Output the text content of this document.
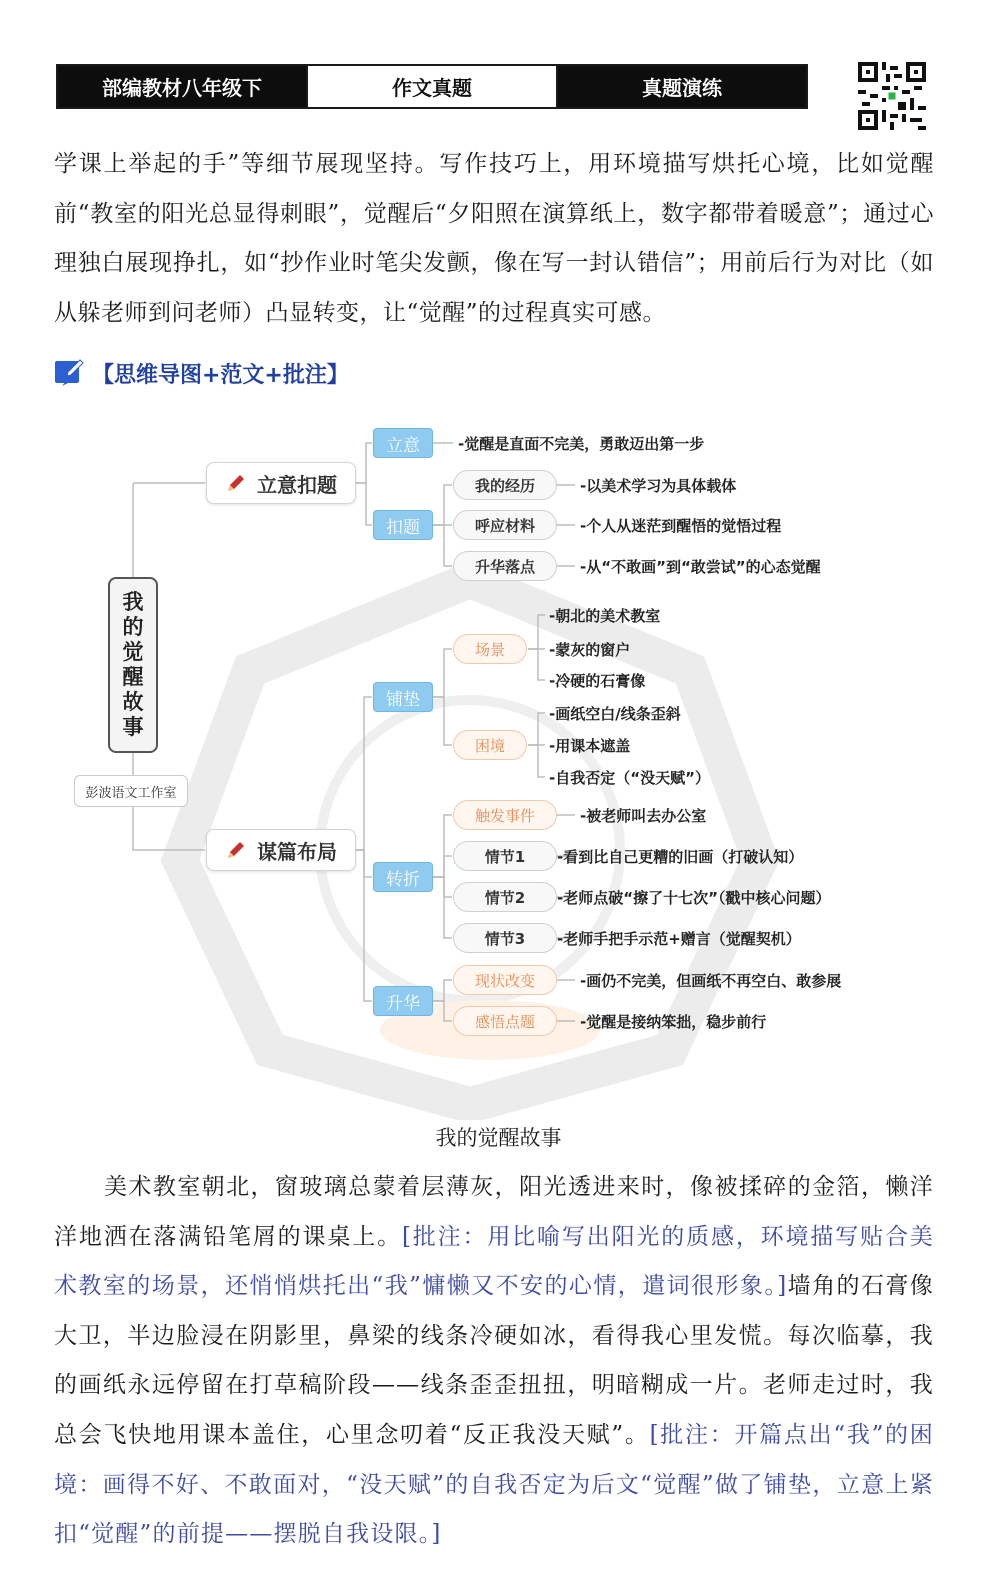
部编教材八年级下	作文真题	真题演练

学课上举起的手”等细节展现坚持。写作技巧上，用环境描写烘托心境，比如觉醒前“教室的阳光总显得刺眼”，觉醒后“夕阳照在演算纸上，数字都带着暖意”；通过心理独白展现挣扎，如“抄作业时笔尖发颤，像在写一封认错信”；用前后行为对比（如从躲老师到问老师）凸显转变，让“觉醒”的过程真实可感。

【思维导图+范文+批注】
我
的
觉
醒
故
事
彭波语文工作室
立意扣题
立意	-觉醒是直面不完美，勇敢迈出第一步
扣题
我的经历	-以美术学习为具体载体
呼应材料	-个人从迷茫到醒悟的觉悟过程
升华落点	-从“不敢画”到“敢尝试”的心态觉醒
谋篇布局
铺垫
场景
-朝北的美术教室
-蒙灰的窗户
-冷硬的石膏像
困境
-画纸空白/线条歪斜
-用课本遮盖
-自我否定（“没天赋”）
转折
触发事件	-被老师叫去办公室
情节1	-看到比自己更糟的旧画（打破认知）
情节2	-老师点破“擦了十七次”（戳中核心问题）
情节3	-老师手把手示范+赠言（觉醒契机）
升华
现状改变	-画仍不完美，但画纸不再空白、敢参展
感悟点题	-觉醒是接纳笨拙，稳步前行
我的觉醒故事

美术教室朝北，窗玻璃总蒙着层薄灰，阳光透进来时，像被揉碎的金箔，懒洋洋地洒在落满铅笔屑的课桌上。[批注：用比喻写出阳光的质感，环境描写贴合美术教室的场景，还悄悄烘托出“我”慵懒又不安的心情，遣词很形象。]墙角的石膏像大卫，半边脸浸在阴影里，鼻梁的线条冷硬如冰，看得我心里发慌。每次临摹，我的画纸永远停留在打草稿阶段——线条歪歪扭扭，明暗糊成一片。老师走过时，我总会飞快地用课本盖住，心里念叨着“反正我没天赋”。[批注：开篇点出“我”的困境：画得不好、不敢面对，“没天赋”的自我否定为后文“觉醒”做了铺垫，立意上紧扣“觉醒”的前提——摆脱自我设限。]
